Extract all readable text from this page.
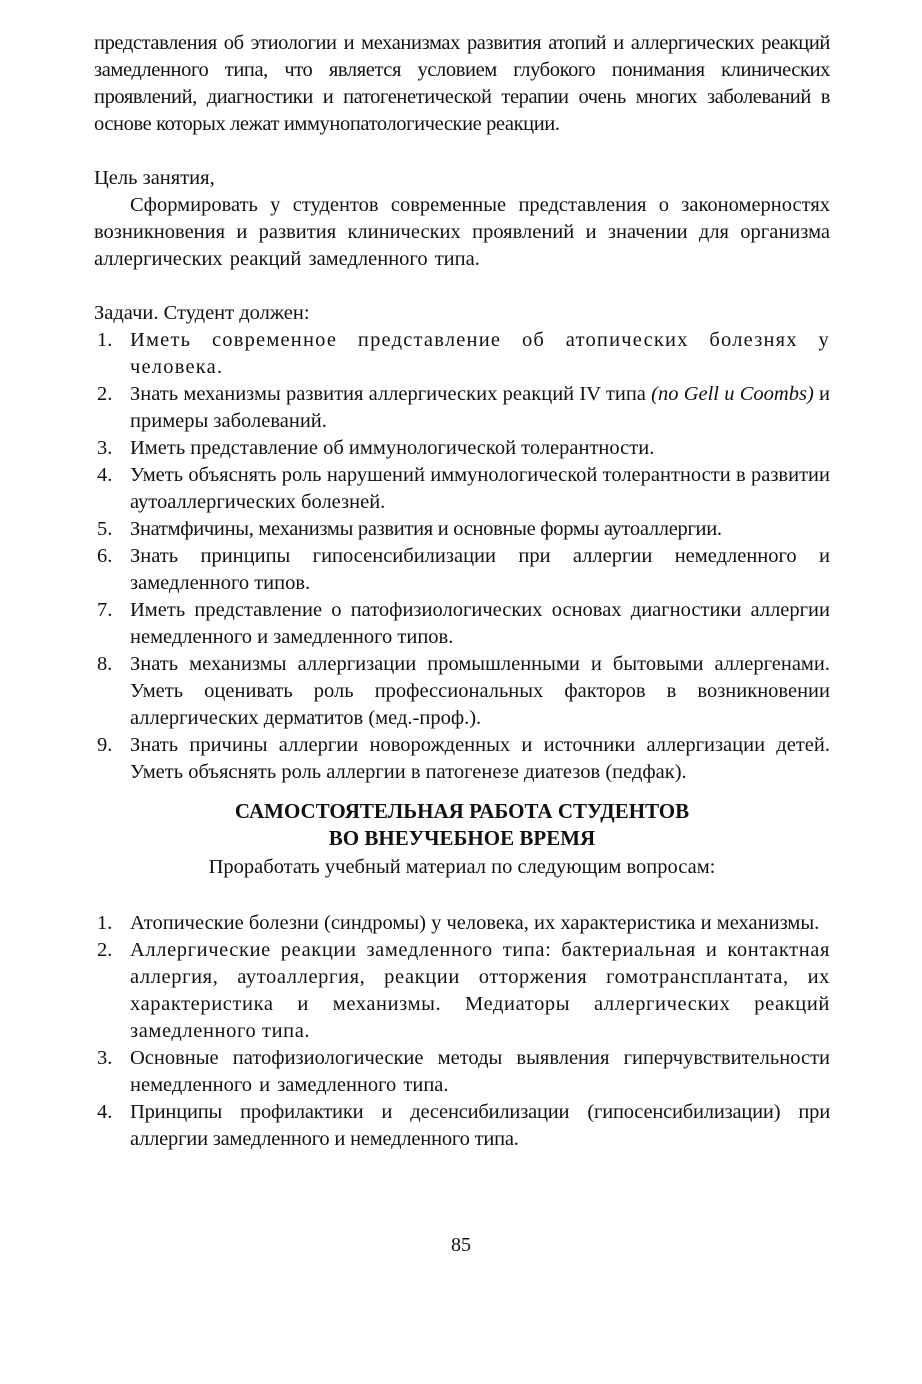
представления об этиологии и механизмах развития атопий и аллергических реакций замедленного типа, что является условием глубокого понимания клинических проявлений, диагностики и патогенетической терапии очень многих заболеваний в основе которых лежат иммунопатологические реакции.

Цель занятия,

Сформировать у студентов современные представления о закономерностях возникновения и развития клинических проявлений и значении для организма аллергических реакций замедленного типа.

Задачи. Студент должен:

1. Иметь современное представление об атопических болезнях у человека.
2. Знать механизмы развития аллергических реакций IV типа (по Gell и Coombs) и примеры заболеваний.
3. Иметь представление об иммунологической толерантности.
4. Уметь объяснять роль нарушений иммунологической толерантности в развитии аутоаллергических болезней.
5. Знатмфичины, механизмы развития и основные формы аутоаллергии.
6. Знать принципы гипосенсибилизации при аллергии немедленного и замедленного типов.
7. Иметь представление о патофизиологических основах диагностики аллергии немедленного и замедленного типов.
8. Знать механизмы аллергизации промышленными и бытовыми аллергенами. Уметь оценивать роль профессиональных факторов в возникновении аллергических дерматитов (мед.-проф.).
9. Знать причины аллергии новорожденных и источники аллергизации детей. Уметь объяснять роль аллергии в патогенезе диатезов (педфак).
САМОСТОЯТЕЛЬНАЯ РАБОТА СТУДЕНТОВ
ВО ВНЕУЧЕБНОЕ ВРЕМЯ

Проработать учебный материал по следующим вопросам:

1. Атопические болезни (синдромы) у человека, их характеристика и механизмы.
2. Аллергические реакции замедленного типа: бактериальная и контактная аллергия, аутоаллергия, реакции отторжения гомотрансплантата, их характеристика и механизмы. Медиаторы аллергических реакций замедленного типа.
3. Основные патофизиологические методы выявления гиперчувствительности немедленного и замедленного типа.
4. Принципы профилактики и десенсибилизации (гипосенсибилизации) при аллергии замедленного и немедленного типа.
85
